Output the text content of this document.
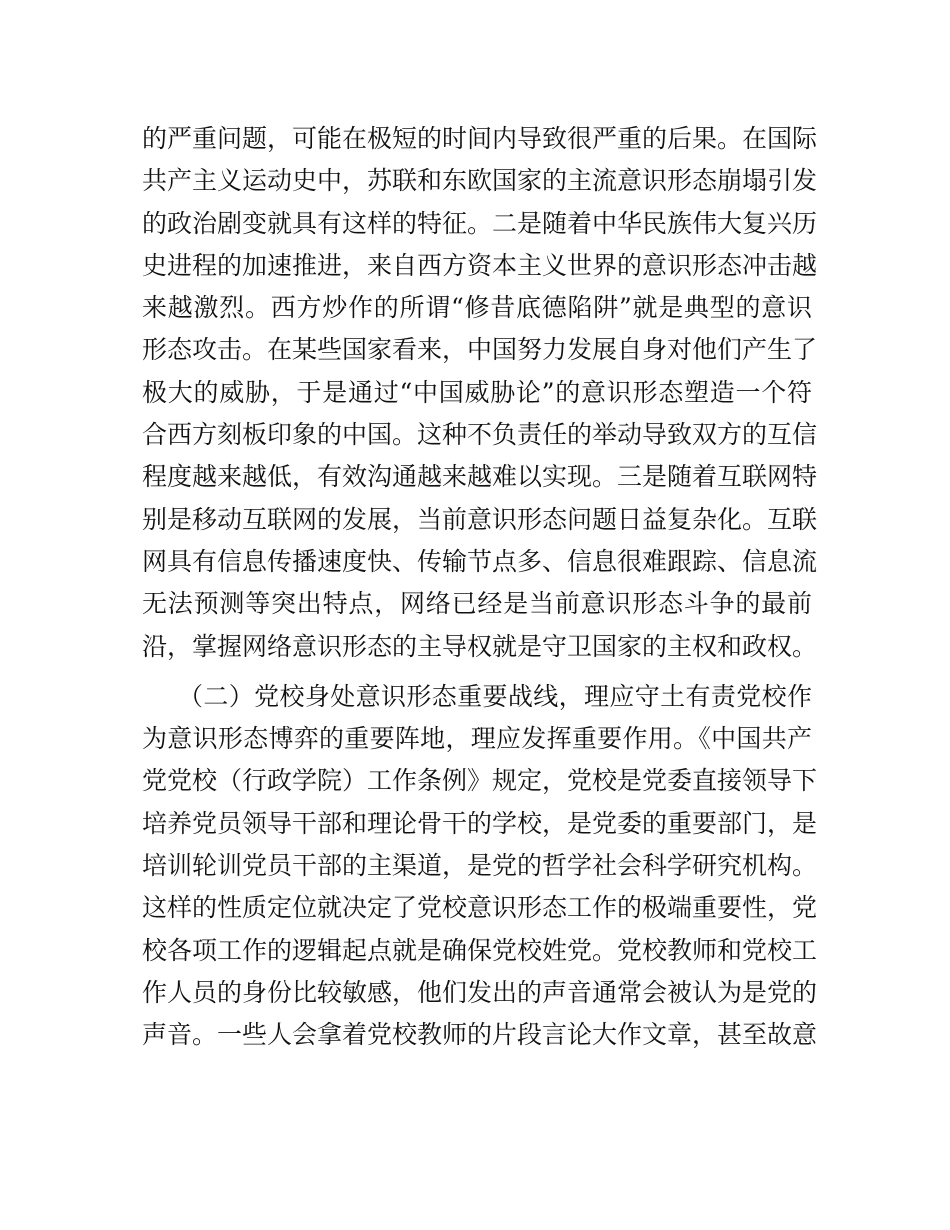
的严重问题，可能在极短的时间内导致很严重的后果。在国际
共产主义运动史中，苏联和东欧国家的主流意识形态崩塌引发
的政治剧变就具有这样的特征。二是随着中华民族伟大复兴历
史进程的加速推进，来自西方资本主义世界的意识形态冲击越
来越激烈。西方炒作的所谓“修昔底德陷阱”就是典型的意识
形态攻击。在某些国家看来，中国努力发展自身对他们产生了
极大的威胁，于是通过“中国威胁论”的意识形态塑造一个符
合西方刻板印象的中国。这种不负责任的举动导致双方的互信
程度越来越低，有效沟通越来越难以实现。三是随着互联网特
别是移动互联网的发展，当前意识形态问题日益复杂化。互联
网具有信息传播速度快、传输节点多、信息很难跟踪、信息流
无法预测等突出特点，网络已经是当前意识形态斗争的最前
沿，掌握网络意识形态的主导权就是守卫国家的主权和政权。
（二）党校身处意识形态重要战线，理应守土有责党校作
为意识形态博弈的重要阵地，理应发挥重要作用。《中国共产
党党校（行政学院）工作条例》规定，党校是党委直接领导下
培养党员领导干部和理论骨干的学校，是党委的重要部门，是
培训轮训党员干部的主渠道，是党的哲学社会科学研究机构。
这样的性质定位就决定了党校意识形态工作的极端重要性，党
校各项工作的逻辑起点就是确保党校姓党。党校教师和党校工
作人员的身份比较敏感，他们发出的声音通常会被认为是党的
声音。一些人会拿着党校教师的片段言论大作文章，甚至故意
